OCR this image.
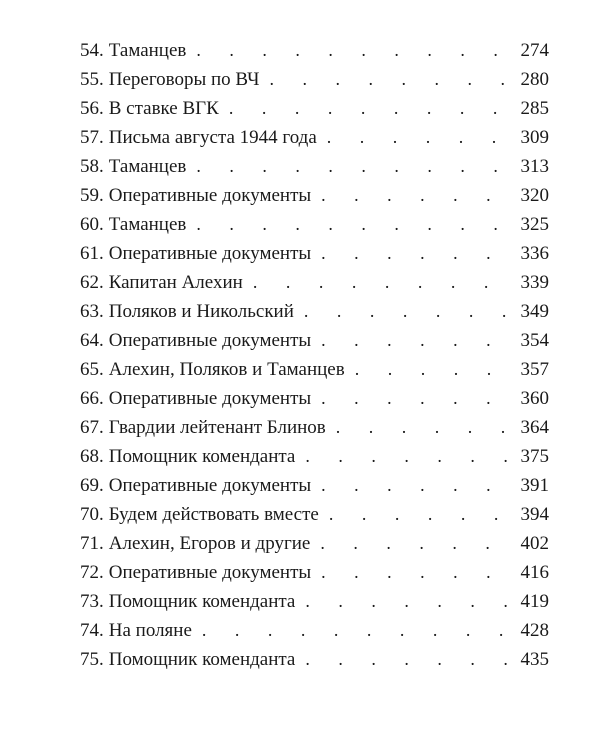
54. Таманцев . . .	274
55. Переговоры по ВЧ . . .	280
56. В ставке ВГК . . .	285
57. Письма августа 1944 года . . .	309
58. Таманцев . . .	313
59. Оперативные документы . . .	320
60. Таманцев . . .	325
61. Оперативные документы . . .	336
62. Капитан Алехин . . .	339
63. Поляков и Никольский . . .	349
64. Оперативные документы . . .	354
65. Алехин, Поляков и Таманцев . . .	357
66. Оперативные документы . . .	360
67. Гвардии лейтенант Блинов . . .	364
68. Помощник коменданта . . .	375
69. Оперативные документы . . .	391
70. Будем действовать вместе . . .	394
71. Алехин, Егоров и другие . . .	402
72. Оперативные документы . . .	416
73. Помощник коменданта . . .	419
74. На поляне . . .	428
75. Помощник коменданта . . .	435
